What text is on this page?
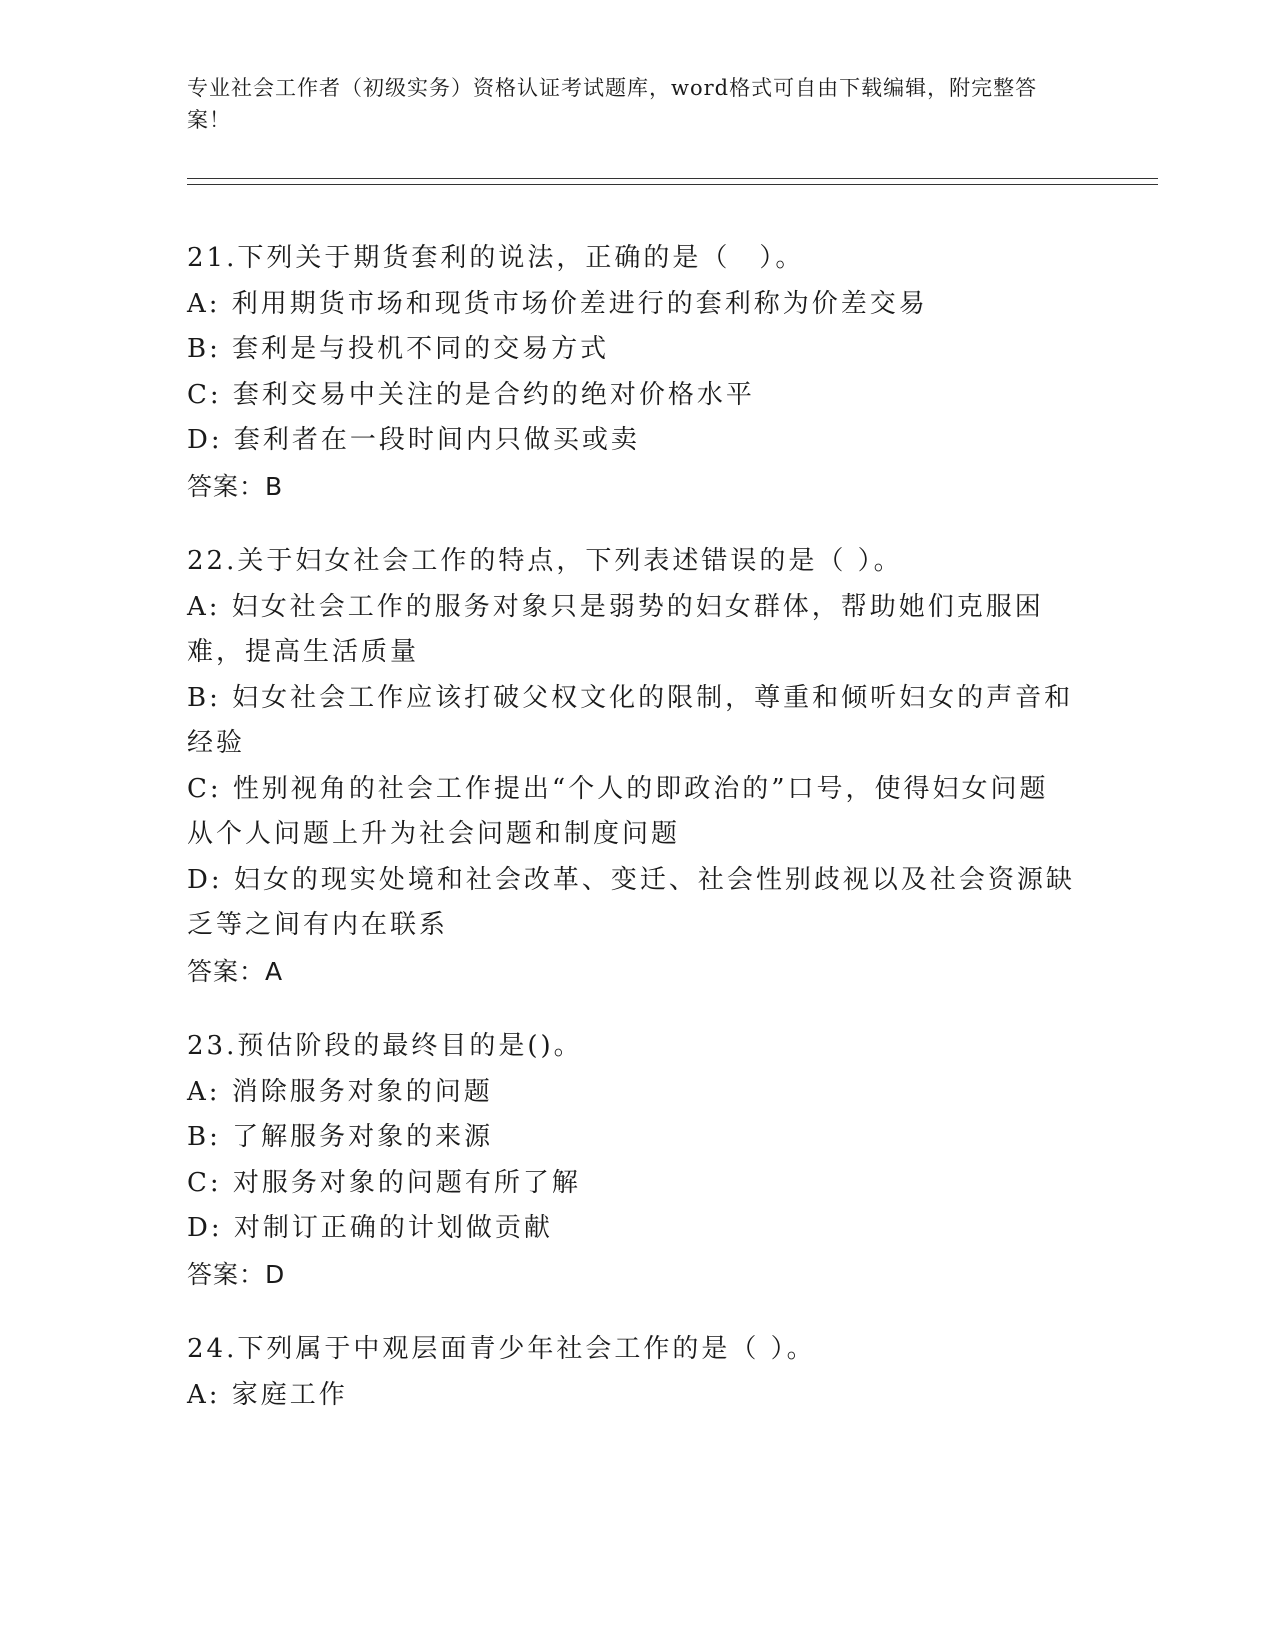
专业社会工作者（初级实务）资格认证考试题库，word格式可自由下载编辑，附完整答案！
21.下列关于期货套利的说法，正确的是（　）。
A: 利用期货市场和现货市场价差进行的套利称为价差交易
B: 套利是与投机不同的交易方式
C: 套利交易中关注的是合约的绝对价格水平
D: 套利者在一段时间内只做买或卖
答案：B
22.关于妇女社会工作的特点，下列表述错误的是（ ）。
A: 妇女社会工作的服务对象只是弱势的妇女群体，帮助她们克服困难，提高生活质量
B: 妇女社会工作应该打破父权文化的限制，尊重和倾听妇女的声音和经验
C: 性别视角的社会工作提出“个人的即政治的”口号，使得妇女问题从个人问题上升为社会问题和制度问题
D: 妇女的现实处境和社会改革、变迁、社会性别歧视以及社会资源缺乏等之间有内在联系
答案：A
23.预估阶段的最终目的是()。
A: 消除服务对象的问题
B: 了解服务对象的来源
C: 对服务对象的问题有所了解
D: 对制订正确的计划做贡献
答案：D
24.下列属于中观层面青少年社会工作的是（ ）。
A: 家庭工作
